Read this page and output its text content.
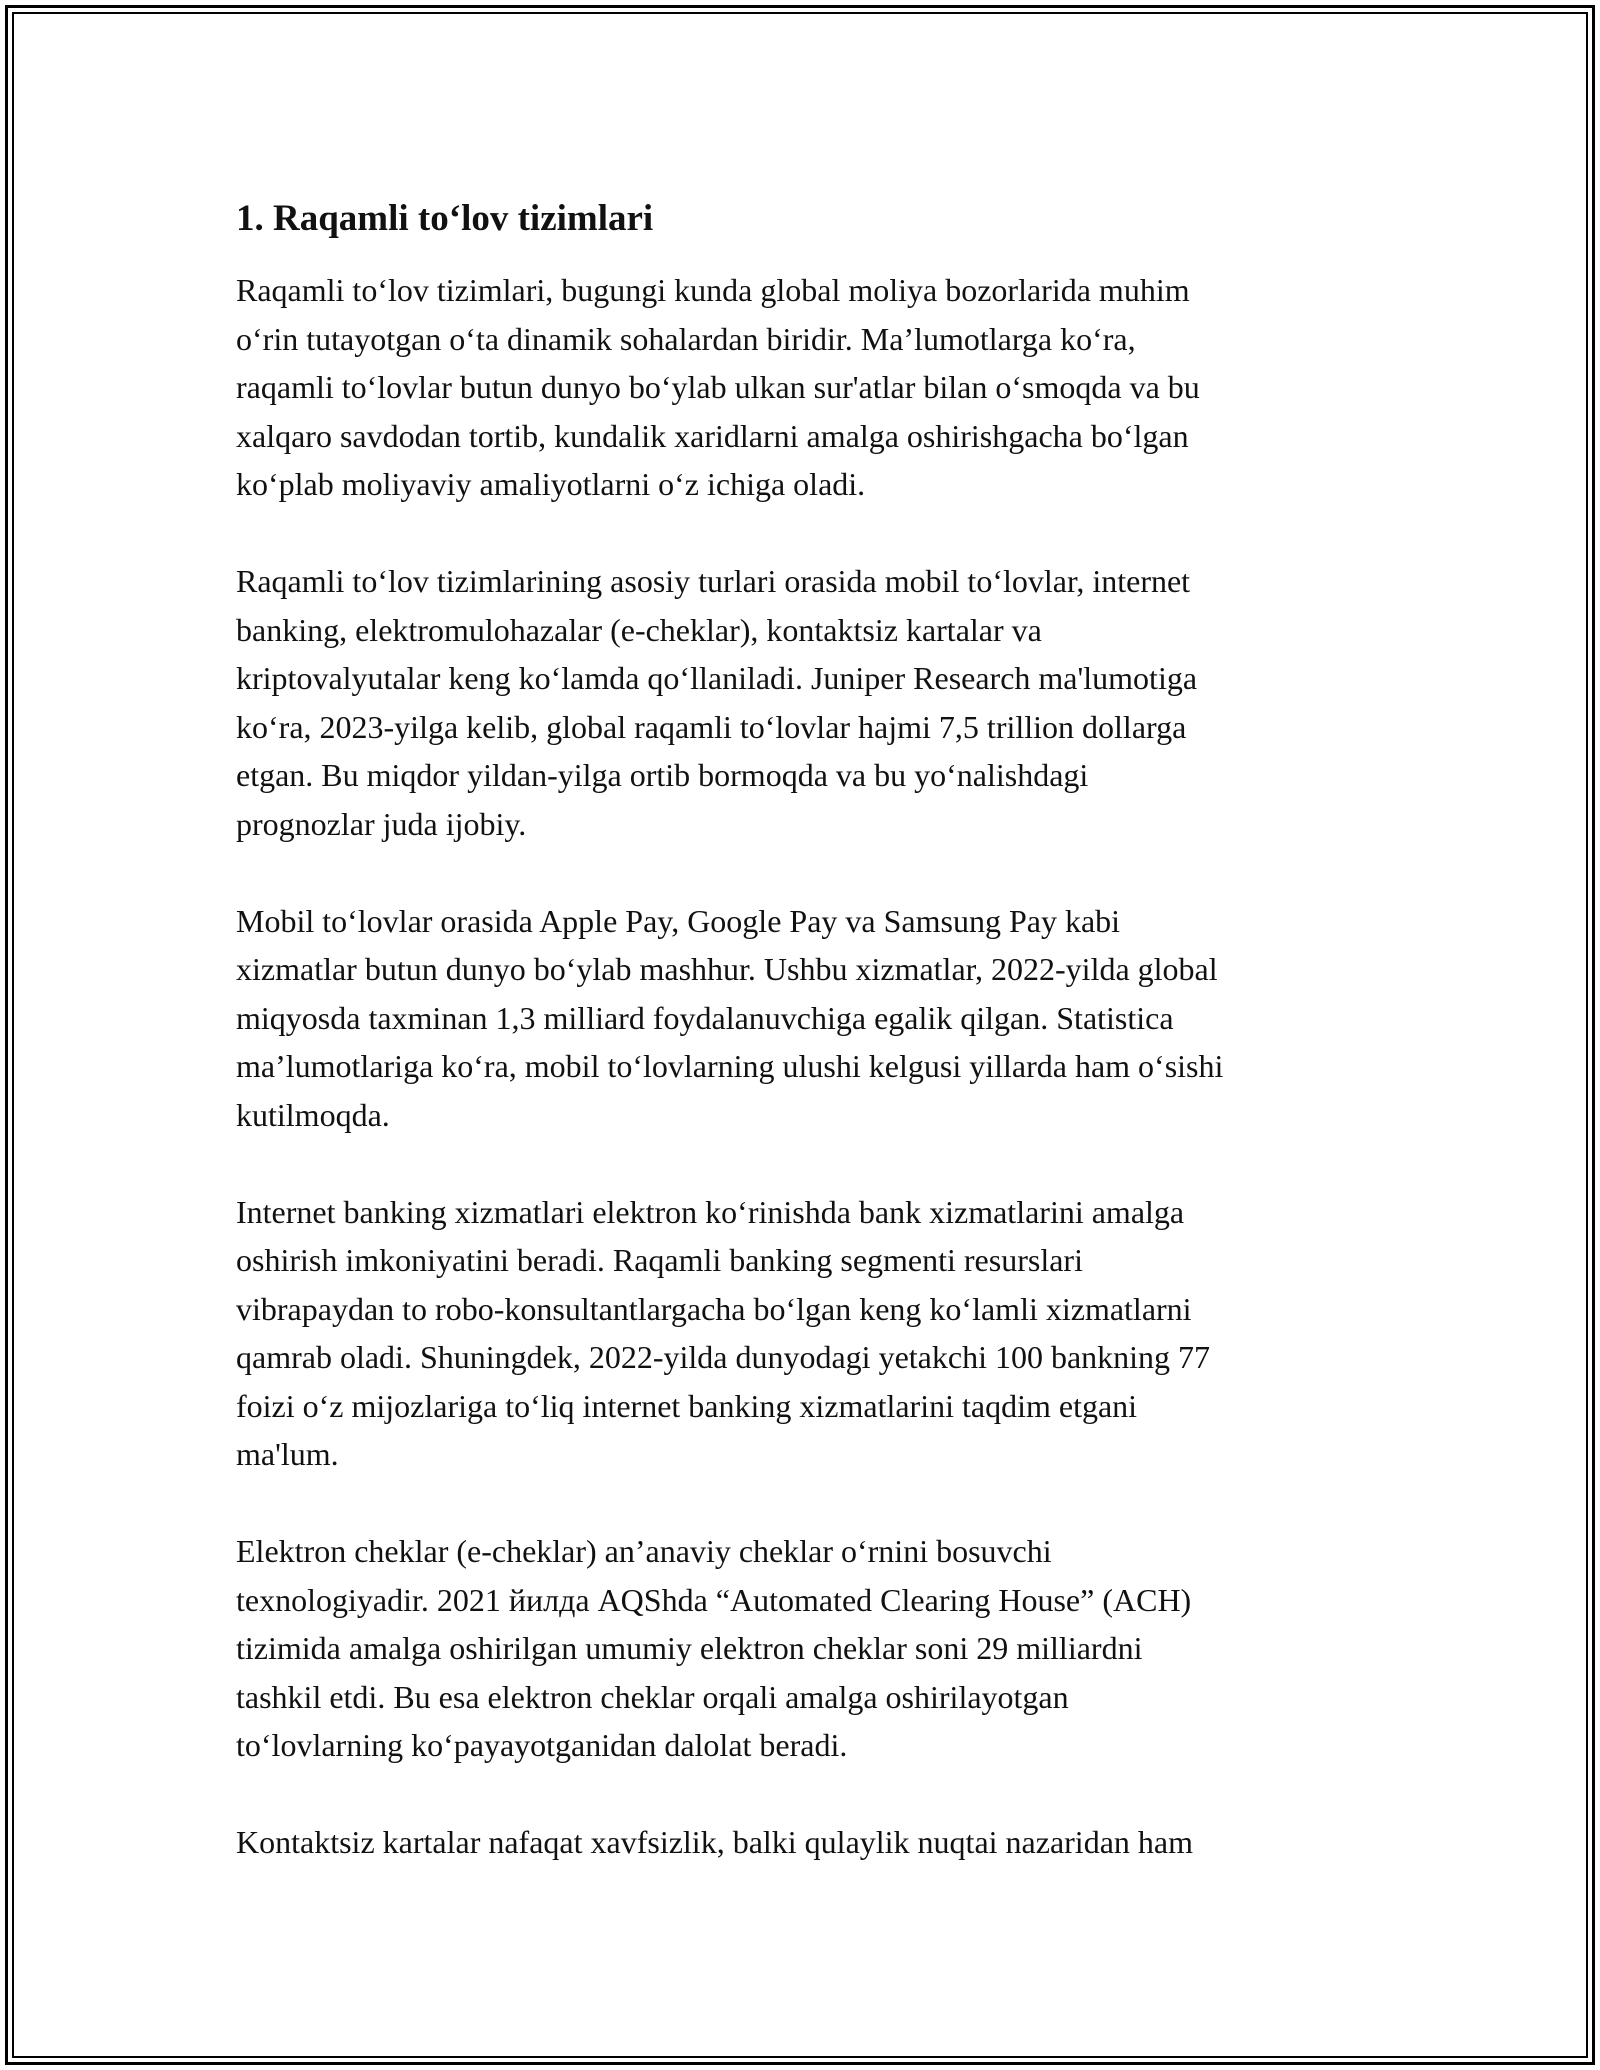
1. Raqamli to‘lov tizimlari

Raqamli to‘lov tizimlari, bugungi kunda global moliya bozorlarida muhim
o‘rin tutayotgan o‘ta dinamik sohalardan biridir. Ma’lumotlarga ko‘ra,
raqamli to‘lovlar butun dunyo bo‘ylab ulkan sur'atlar bilan o‘smoqda va bu
xalqaro savdodan tortib, kundalik xaridlarni amalga oshirishgacha bo‘lgan
ko‘plab moliyaviy amaliyotlarni o‘z ichiga oladi.

Raqamli to‘lov tizimlarining asosiy turlari orasida mobil to‘lovlar, internet
banking, elektromulohazalar (e-cheklar), kontaktsiz kartalar va
kriptovalyutalar keng ko‘lamda qo‘llaniladi. Juniper Research ma'lumotiga
ko‘ra, 2023-yilga kelib, global raqamli to‘lovlar hajmi 7,5 trillion dollarga
etgan. Bu miqdor yildan-yilga ortib bormoqda va bu yo‘nalishdagi
prognozlar juda ijobiy.

Mobil to‘lovlar orasida Apple Pay, Google Pay va Samsung Pay kabi
xizmatlar butun dunyo bo‘ylab mashhur. Ushbu xizmatlar, 2022-yilda global
miqyosda taxminan 1,3 milliard foydalanuvchiga egalik qilgan. Statistica
ma’lumotlariga ko‘ra, mobil to‘lovlarning ulushi kelgusi yillarda ham o‘sishi
kutilmoqda.

Internet banking xizmatlari elektron ko‘rinishda bank xizmatlarini amalga
oshirish imkoniyatini beradi. Raqamli banking segmenti resurslari
vibrapaydan to robo-konsultantlargacha bo‘lgan keng ko‘lamli xizmatlarni
qamrab oladi. Shuningdek, 2022-yilda dunyodagi yetakchi 100 bankning 77
foizi o‘z mijozlariga to‘liq internet banking xizmatlarini taqdim etgani
ma'lum.

Elektron cheklar (e-cheklar) an’anaviy cheklar o‘rnini bosuvchi
texnologiyadir. 2021 йилда AQShda “Automated Clearing House” (ACH)
tizimida amalga oshirilgan umumiy elektron cheklar soni 29 milliardni
tashkil etdi. Bu esa elektron cheklar orqali amalga oshirilayotgan
to‘lovlarning ko‘payayotganidan dalolat beradi.

Kontaktsiz kartalar nafaqat xavfsizlik, balki qulaylik nuqtai nazaridan ham
